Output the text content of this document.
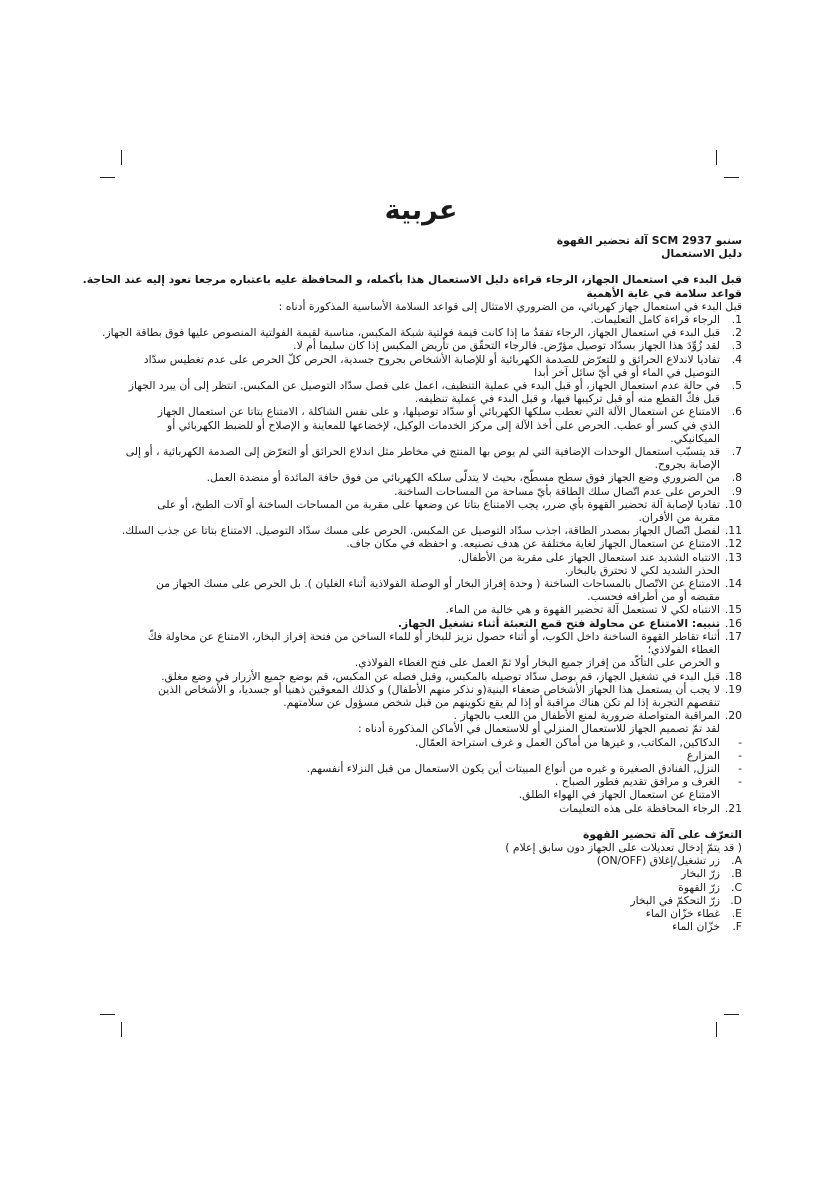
عربية
سنبو SCM 2937 آلة تحضير القهوة
دليل الاستعمال
قبل البدء في استعمال الجهاز، الرجاء قراءة دليل الاستعمال هذا بأكمله، و المحافظة عليه باعتباره مرجعا تعود إليه عند الحاجة.
قواعد سلامة في غاية الأهمية
قبل البدء في استعمال جهاز كهربائي، من الضروري الامتثال إلى قواعد السلامة الأساسية المذكورة أدناه :
1.
الرجاء قراءة كامل التعليمات.
2.
قبل البدء في استعمال الجهاز، الرجاء تفقدُ ما إذا كانت قيمة فولتية شبكة المكبس، مناسبة لقيمة الفولتية المنصوص عليها فوق بطاقة الجهاز.
3.
لقد زُوِّدَ هذا الجهاز بسدّاد توصيل مؤرّض. فالرجاء التحقّق من تأريض المكبس إذا كان سليما أم لا.
4.
تفاديا لاندلاع الحرائق و للتعرّض للصدمة الكهربائية أو للإصابة الأشخاص بجروح جسدية، الحرص كلّ الحرص على عدم تغطيس سدّاد
التوصيل في الماء أو في أيّ سائل آخر أبدا
5.
في حالة عدم استعمال الجهاز، أو قبل البدء في عملية التنظيف، اعمل على فصل سدّاد التوصيل عن المكبس. انتظر إلى أن يبرد الجهاز
قبل فكّ القطع منه أو قبل تركيبها فيها، و قبل البدء في عملية تنظيفه.
6.
الامتناع عن استعمال الآلة التي تعطب سلكها الكهربائي أو سدّاد توصيلها، و على نفس الشاكلة ، الامتناع بتاتا عن استعمال الجهاز
الذي في كسر أو عطب. الحرص على أخذ الآلة إلى مركز الخدمات الوكيل، لإخضاعها للمعاينة و الإصلاح أو للضبط الكهربائي أو
الميكانيكي.
7.
قد يتسبّب استعمال الوحدات الإضافية التي لم يوص بها المنتج في مخاطر مثل اندلاع الحرائق أو التعرّض إلى الصدمة الكهربائية ، أو إلى
الإصابة بجروح.
8.
من الضروري وضع الجهاز فوق سطح مسطّح، بحيث لا يتدلّى سلكه الكهربائي من فوق حافة المائدة أو منضدة العمل.
9.
الحرص على عدم اتّصال سلك الطاقة بأيّ مساحة من المساحات الساخنة.
10.
تفاديا لإصابة آلة تحضير القهوة بأي ضرر، يجب الامتناع بتاتا عن وضعها على مقربة من المساحات الساخنة أو آلات الطبخ، أو على
مقربة من الأفران.
11.
لفصل اتّصال الجهاز بمصدر الطاقة، اجذب سدّاد التوصيل عن المكبس. الحرص على مسك سدّاد التوصيل. الامتناع بتاتا عن جذب السلك.
12.
الامتناع عن استعمال الجهاز لغاية مختلفة عن هدف تصنيعه. و احفظه في مكان جاف.
13.
الانتباه الشديد عند استعمال الجهاز على مقربة من الأطفال.
الحذر الشديد لكي لا تحترق بالبخار.
14.
الامتناع عن الاتّصال بالمساحات الساخنة ( وحدة إفراز البخار أو الوصلة الفولاذية أثناء الغليان ). بل الحرص على مسك الجهاز من
مقبضه أو من أطرافه فحسب.
15.
الانتباه لكي لا تستعمل آلة تحضير القهوة و هي خالية من الماء.
16.
تنبيه: الامتناع عن محاولة فتح قمع التعبئة أثناء تشغيل الجهاز.
17.
أثناء تقاطر القهوة الساخنة داخل الكوب، أو أثناء حصول نزيز للبخار أو للماء الساخن من فتحة إفراز البخار، الامتناع عن محاولة فكّ
الغطاء الفولاذي؛
و الحرص على التأكّد من إفراز جميع البخار أولا ثمّ العمل على فتح الغطاء الفولاذي.
18.
قبل البدء في تشغيل الجهاز، قم بوصل سدّاد توصيله بالمكبس، وقبل فصله عن المكبس، قم بوضع جميع الأزرار في وضع مغلق.
19.
لا يجب أن يستعمل هذا الجهاز الأشخاص ضعفاء البنية(و نذكر منهم الأطفال) و كذلك المعوقين ذهنيا أو جسديا، و الأشخاص الذين
تنقصهم التجربة إذا لم تكن هناك مراقبة أو إذا لم يقع تكوينهم من قبل شخص مسؤول عن سلامتهم.
20.
المراقبة المتواصلة ضرورية لمنع الأطفال من اللعب بالجهاز .
لقد تمّ تصميم الجهاز للاستعمال المنزلي أو للاستعمال في الأماكن المذكورة أدناه :
-
الدكاكين, المكاتب, و غيرها من أماكن العمل و غرف استراحة العمّال.
-
المزارع
-
النزل, الفنادق الصغيرة و غيره من أنواع المبيتات أين يكون الاستعمال من قبل النزلاء أنفسهم.
-
الغرف و مرافق تقديم فطور الصباح .
الامتناع عن استعمال الجهاز في الهواء الطلق.
21.
الرجاء المحافظة على هذه التعليمات
التعرّف على آلة تحضير القهوة
( قد يتمّ إدخال تعديلات على الجهاز دون سابق إعلام )
A.
زر تشغيل/إغلاق (ON/OFF)
B.
زرّ البخار
C.
زرّ القهوة
D.
زرّ التحكمّ في البخار
E.
غطاء خزّان الماء
F.
خزّان الماء
